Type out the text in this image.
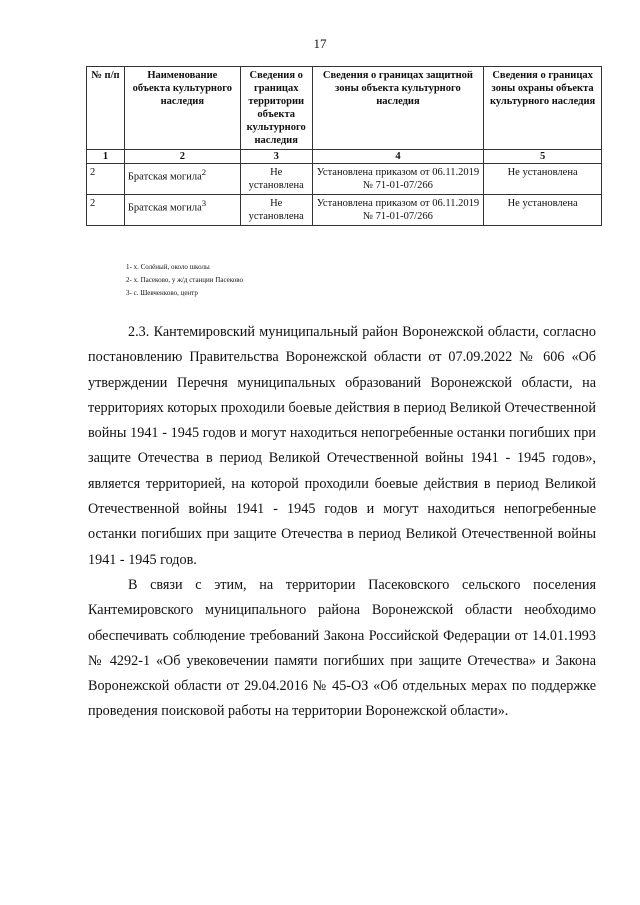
17
№ п/п	Наименование объекта культурного наследия	Сведения о границах территории объекта культурного наследия	Сведения о границах защитной зоны объекта культурного наследия	Сведения о границах зоны охраны объекта культурного наследия
1	2	3	4	5
2	Братская могила$^2$	Не установлена	Установлена приказом от 06.11.2019 № 71-01-07/266	Не установлена
2	Братская могила$^3$	Не установлена	Установлена приказом от 06.11.2019 № 71-01-07/266	Не установлена
1- х. Солёный, около школы
2- х. Пасеково, у ж/д станции Пасеково
3- с. Шевченково, центр

2.3. Кантемировский муниципальный район Воронежской области, согласно постановлению Правительства Воронежской области от 07.09.2022 № 606 «Об утверждении Перечня муниципальных образований Воронежской области, на территориях которых проходили боевые действия в период Великой Отечественной войны 1941 - 1945 годов и могут находиться непогребенные останки погибших при защите Отечества в период Великой Отечественной войны 1941 - 1945 годов», является территорией, на которой проходили боевые действия в период Великой Отечественной войны 1941 - 1945 годов и могут находиться непогребенные останки погибших при защите Отечества в период Великой Отечественной войны 1941 - 1945 годов.

В связи с этим, на территории Пасековского сельского поселения Кантемировского муниципального района Воронежской области необходимо обеспечивать соблюдение требований Закона Российской Федерации от 14.01.1993 № 4292-1 «Об увековечении памяти погибших при защите Отечества» и Закона Воронежской области от 29.04.2016 № 45-ОЗ «Об отдельных мерах по поддержке проведения поисковой работы на территории Воронежской области».
